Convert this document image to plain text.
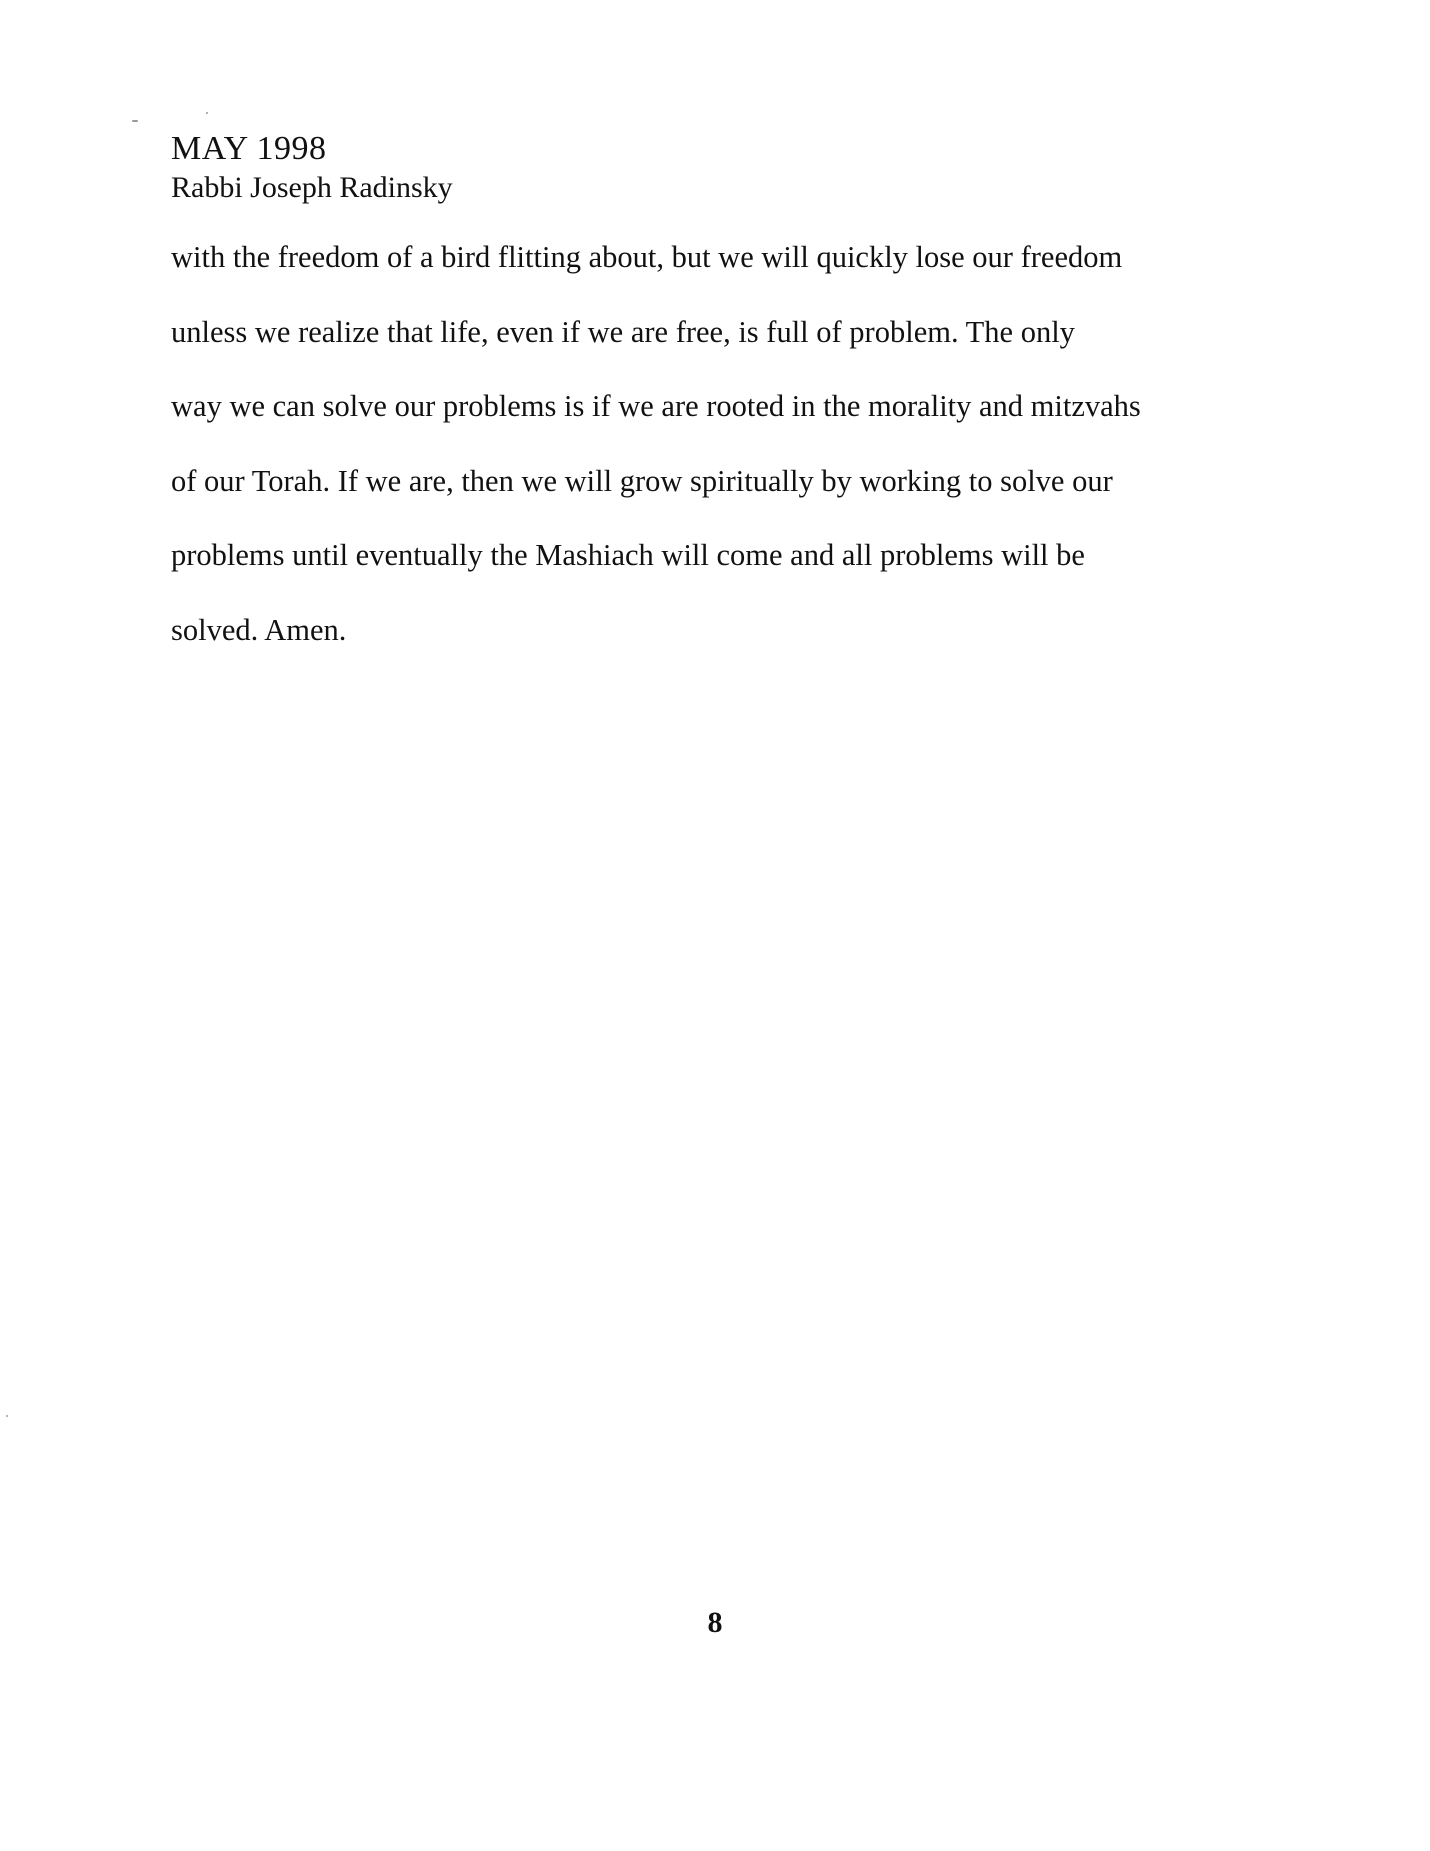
MAY 1998
Rabbi Joseph Radinsky
with the freedom of a bird flitting about, but we will quickly lose our freedom
unless we realize that life, even if we are free, is full of problem. The only
way we can solve our problems is if we are rooted in the morality and mitzvahs
of our Torah. If we are, then we will grow spiritually by working to solve our
problems until eventually the Mashiach will come and all problems will be
solved. Amen.
8
